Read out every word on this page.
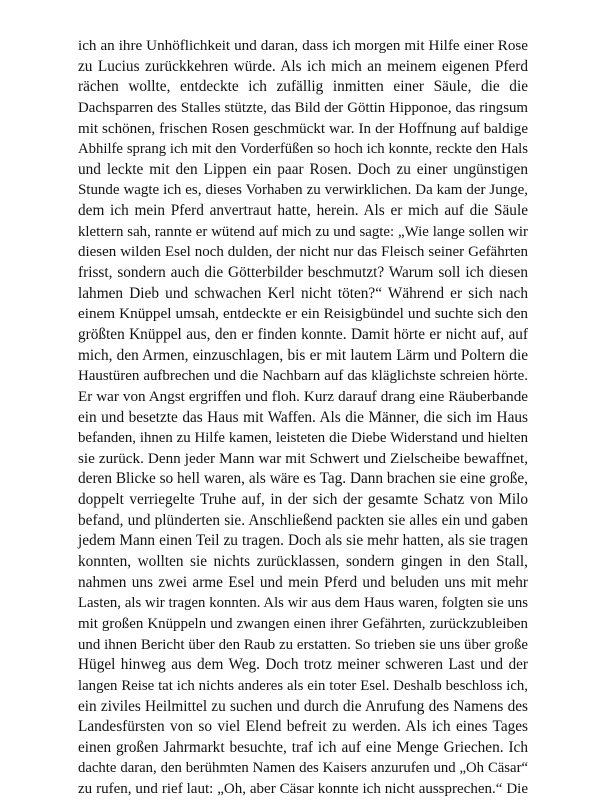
ich an ihre Unhöflichkeit und daran, dass ich morgen mit Hilfe einer Rose
zu Lucius zurückkehren würde. Als ich mich an meinem eigenen Pferd
rächen wollte, entdeckte ich zufällig inmitten einer Säule, die die
Dachsparren des Stalles stützte, das Bild der Göttin Hipponoe, das ringsum
mit schönen, frischen Rosen geschmückt war. In der Hoffnung auf baldige
Abhilfe sprang ich mit den Vorderfüßen so hoch ich konnte, reckte den Hals
und leckte mit den Lippen ein paar Rosen. Doch zu einer ungünstigen
Stunde wagte ich es, dieses Vorhaben zu verwirklichen. Da kam der Junge,
dem ich mein Pferd anvertraut hatte, herein. Als er mich auf die Säule
klettern sah, rannte er wütend auf mich zu und sagte: „Wie lange sollen wir
diesen wilden Esel noch dulden, der nicht nur das Fleisch seiner Gefährten
frisst, sondern auch die Götterbilder beschmutzt? Warum soll ich diesen
lahmen Dieb und schwachen Kerl nicht töten?“ Während er sich nach
einem Knüppel umsah, entdeckte er ein Reisigbündel und suchte sich den
größten Knüppel aus, den er finden konnte. Damit hörte er nicht auf, auf
mich, den Armen, einzuschlagen, bis er mit lautem Lärm und Poltern die
Haustüren aufbrechen und die Nachbarn auf das kläglichste schreien hörte.
Er war von Angst ergriffen und floh. Kurz darauf drang eine Räuberbande
ein und besetzte das Haus mit Waffen. Als die Männer, die sich im Haus
befanden, ihnen zu Hilfe kamen, leisteten die Diebe Widerstand und hielten
sie zurück. Denn jeder Mann war mit Schwert und Zielscheibe bewaffnet,
deren Blicke so hell waren, als wäre es Tag. Dann brachen sie eine große,
doppelt verriegelte Truhe auf, in der sich der gesamte Schatz von Milo
befand, und plünderten sie. Anschließend packten sie alles ein und gaben
jedem Mann einen Teil zu tragen. Doch als sie mehr hatten, als sie tragen
konnten, wollten sie nichts zurücklassen, sondern gingen in den Stall,
nahmen uns zwei arme Esel und mein Pferd und beluden uns mit mehr
Lasten, als wir tragen konnten. Als wir aus dem Haus waren, folgten sie uns
mit großen Knüppeln und zwangen einen ihrer Gefährten, zurückzubleiben
und ihnen Bericht über den Raub zu erstatten. So trieben sie uns über große
Hügel hinweg aus dem Weg. Doch trotz meiner schweren Last und der
langen Reise tat ich nichts anderes als ein toter Esel. Deshalb beschloss ich,
ein ziviles Heilmittel zu suchen und durch die Anrufung des Namens des
Landesfürsten von so viel Elend befreit zu werden. Als ich eines Tages
einen großen Jahrmarkt besuchte, traf ich auf eine Menge Griechen. Ich
dachte daran, den berühmten Namen des Kaisers anzurufen und „Oh Cäsar“
zu rufen, und rief laut: „Oh, aber Cäsar konnte ich nicht aussprechen.“ Die
